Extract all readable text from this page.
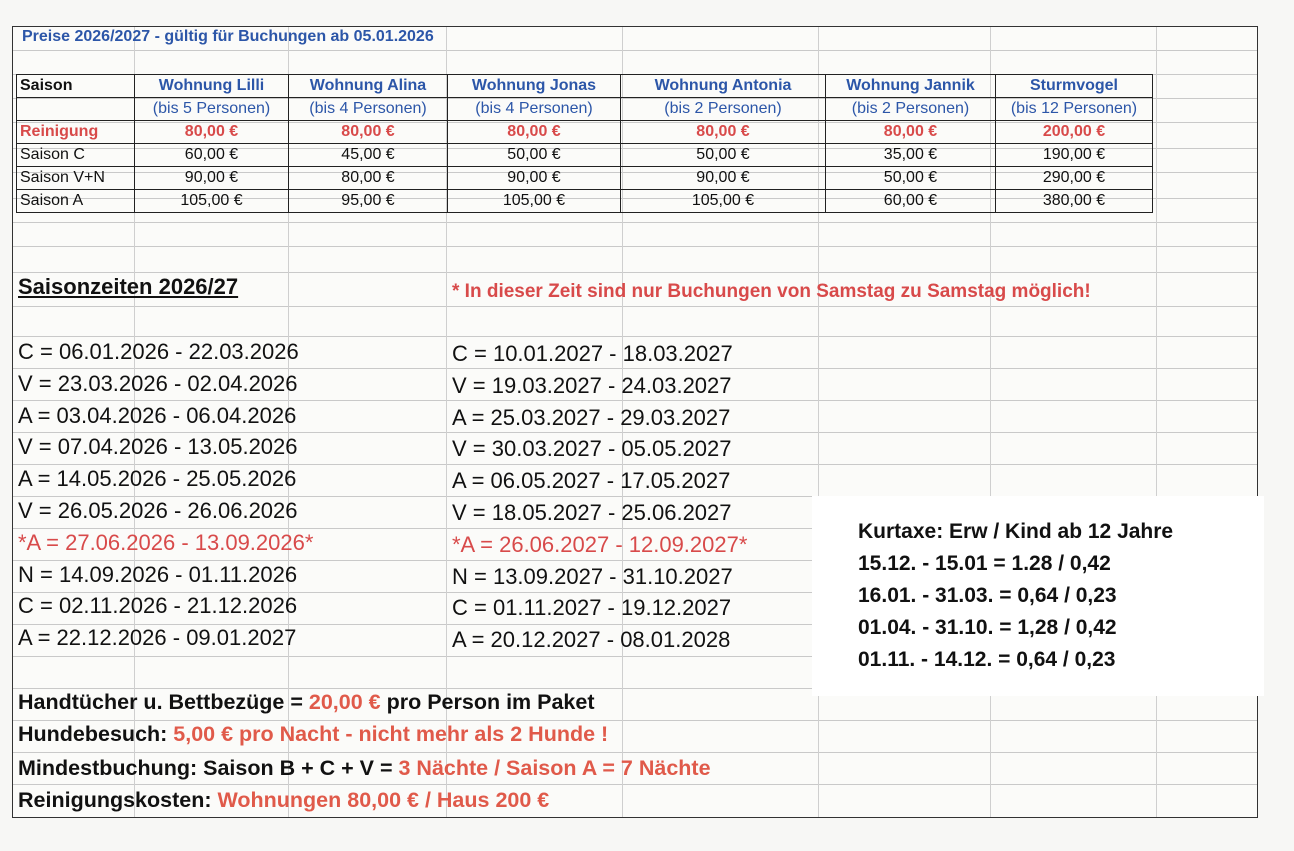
Preise 2026/2027 - gültig für Buchungen ab 05.01.2026
Saison	Wohnung Lilli	Wohnung Alina	Wohnung Jonas	Wohnung Antonia	Wohnung Jannik	Sturmvogel
	(bis 5 Personen)	(bis 4 Personen)	(bis 4 Personen)	(bis 2 Personen)	(bis 2 Personen)	(bis 12 Personen)
Reinigung	80,00 €	80,00 €	80,00 €	80,00 €	80,00 €	200,00 €
Saison C	60,00 €	45,00 €	50,00 €	50,00 €	35,00 €	190,00 €
Saison V+N	90,00 €	80,00 €	90,00 €	90,00 €	50,00 €	290,00 €
Saison A	105,00 €	95,00 €	105,00 €	105,00 €	60,00 €	380,00 €
Saisonzeiten 2026/27	* In dieser Zeit sind nur Buchungen von Samstag zu Samstag möglich!
C = 06.01.2026 - 22.03.2026
V = 23.03.2026 - 02.04.2026
A = 03.04.2026 - 06.04.2026
V = 07.04.2026 - 13.05.2026
A = 14.05.2026 - 25.05.2026
V = 26.05.2026 - 26.06.2026
*A = 27.06.2026 - 13.09.2026*
N = 14.09.2026 - 01.11.2026
C = 02.11.2026 - 21.12.2026
A = 22.12.2026 - 09.01.2027
C = 10.01.2027 - 18.03.2027
V = 19.03.2027 - 24.03.2027
A = 25.03.2027 - 29.03.2027
V = 30.03.2027 - 05.05.2027
A = 06.05.2027 - 17.05.2027
V = 18.05.2027 - 25.06.2027
*A = 26.06.2027 - 12.09.2027*
N = 13.09.2027 - 31.10.2027
C = 01.11.2027 - 19.12.2027
A = 20.12.2027 - 08.01.2028
Kurtaxe: Erw / Kind ab 12 Jahre
15.12. - 15.01 = 1.28 / 0,42
16.01. - 31.03. = 0,64 / 0,23
01.04. - 31.10. = 1,28 / 0,42
01.11. - 14.12. = 0,64 / 0,23
Handtücher u. Bettbezüge = 20,00 € pro Person im Paket
Hundebesuch: 5,00 € pro Nacht - nicht mehr als 2 Hunde !
Mindestbuchung: Saison B + C + V = 3 Nächte / Saison A = 7 Nächte
Reinigungskosten: Wohnungen 80,00 € / Haus 200 €
